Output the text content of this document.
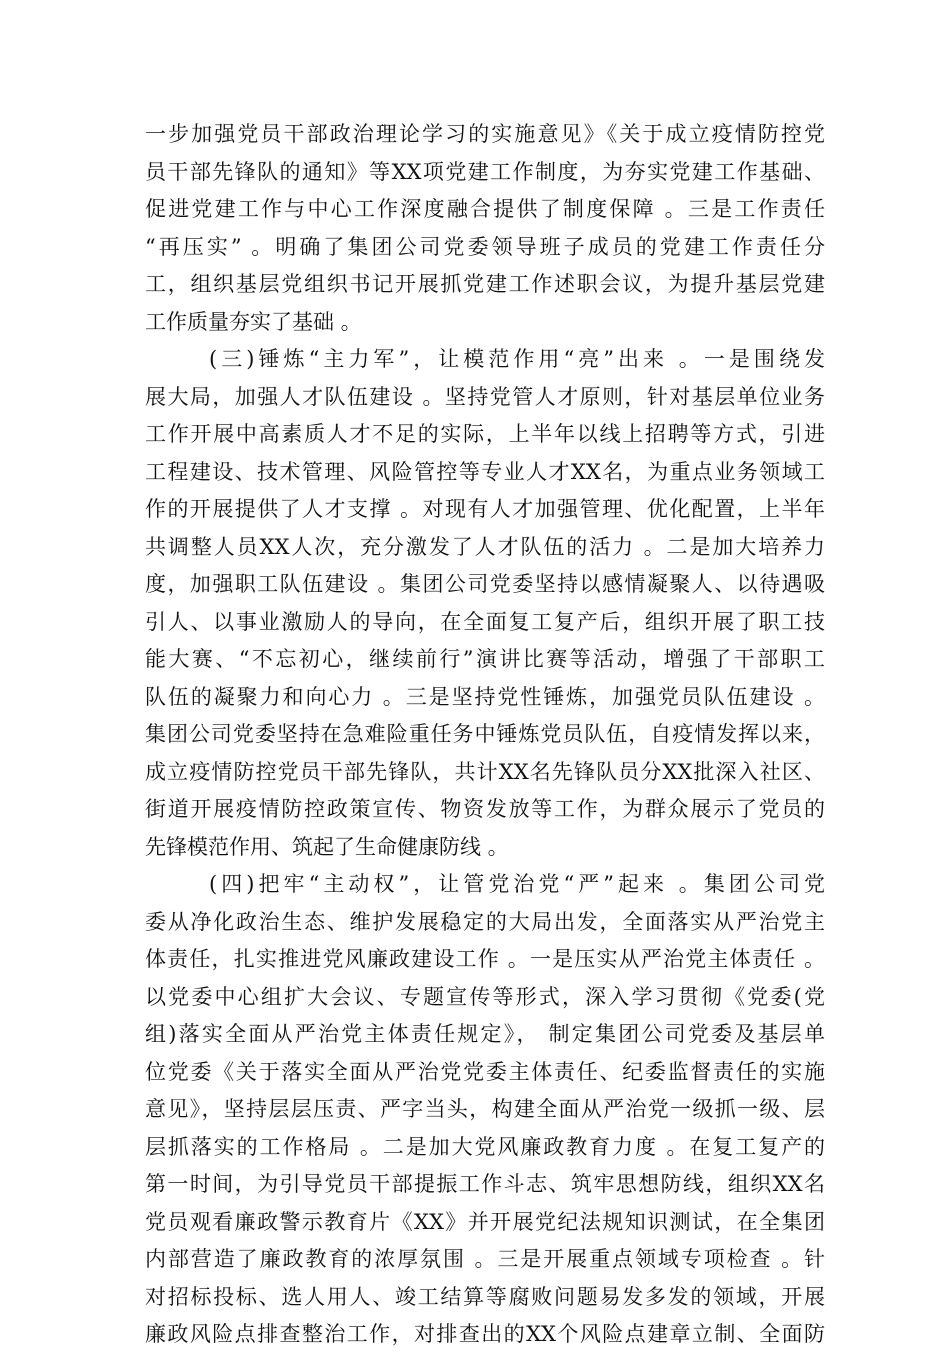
一步加强党员干部政治理论学习的实施意见》《关于成立疫情防控党
员干部先锋队的通知》等XX项党建工作制度，为夯实党建工作基础、
促进党建工作与中心工作深度融合提供了制度保障 。三是工作责任
“再压实” 。明确了集团公司党委领导班子成员的党建工作责任分
工，组织基层党组织书记开展抓党建工作述职会议，为提升基层党建
工作质量夯实了基础 。
(三)锤炼“主力军”，让模范作用“亮”出来 。一是围绕发
展大局，加强人才队伍建设 。坚持党管人才原则，针对基层单位业务
工作开展中高素质人才不足的实际，上半年以线上招聘等方式，引进
工程建设、技术管理、风险管控等专业人才XX名，为重点业务领域工
作的开展提供了人才支撑 。对现有人才加强管理、优化配置，上半年
共调整人员XX人次，充分激发了人才队伍的活力 。二是加大培养力
度，加强职工队伍建设 。集团公司党委坚持以感情凝聚人、以待遇吸
引人、以事业激励人的导向，在全面复工复产后，组织开展了职工技
能大赛、“不忘初心，继续前行”演讲比赛等活动，增强了干部职工
队伍的凝聚力和向心力 。三是坚持党性锤炼，加强党员队伍建设 。
集团公司党委坚持在急难险重任务中锤炼党员队伍，自疫情发挥以来，
成立疫情防控党员干部先锋队，共计XX名先锋队员分XX批深入社区、
街道开展疫情防控政策宣传、物资发放等工作，为群众展示了党员的
先锋模范作用、筑起了生命健康防线 。
(四)把牢“主动权”，让管党治党“严”起来 。集团公司党
委从净化政治生态、维护发展稳定的大局出发，全面落实从严治党主
体责任，扎实推进党风廉政建设工作 。一是压实从严治党主体责任 。
以党委中心组扩大会议、专题宣传等形式，深入学习贯彻《党委(党
组)落实全面从严治党主体责任规定》， 制定集团公司党委及基层单
位党委《关于落实全面从严治党党委主体责任、纪委监督责任的实施
意见》，坚持层层压责、严字当头，构建全面从严治党一级抓一级、层
层抓落实的工作格局 。二是加大党风廉政教育力度 。在复工复产的
第一时间，为引导党员干部提振工作斗志、筑牢思想防线，组织XX名
党员观看廉政警示教育片《XX》并开展党纪法规知识测试，在全集团
内部营造了廉政教育的浓厚氛围 。三是开展重点领域专项检查 。针
对招标投标、选人用人、竣工结算等腐败问题易发多发的领域，开展
廉政风险点排查整治工作，对排查出的XX个风险点建章立制、全面防
